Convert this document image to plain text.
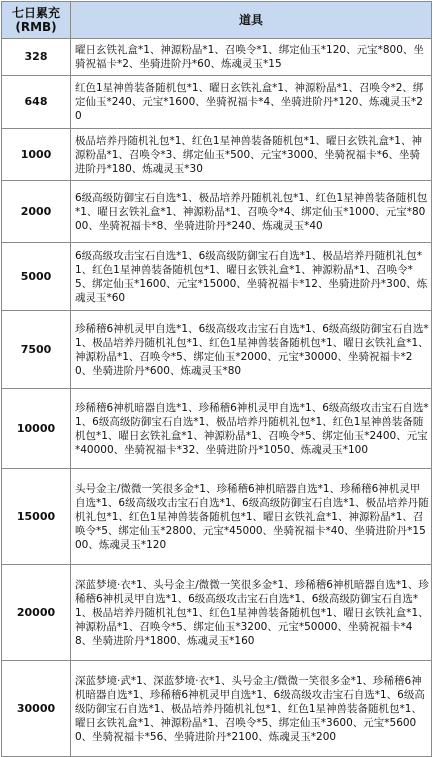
七日累充
(RMB)	道具
328	曜日玄铁礼盒*1、神源粉晶*1、召唤令*1、绑定仙玉*120、元宝*800、坐骑祝福卡*2、坐骑进阶丹*60、炼魂灵玉*15
648	红色1星神兽装备随机包*1、曜日玄铁礼盒*1、神源粉晶*1、召唤令*2、绑定仙玉*240、元宝*1600、坐骑祝福卡*4、坐骑进阶丹*120、炼魂灵玉*20
1000	极品培养丹随机礼包*1、红色1星神兽装备随机包*1、曜日玄铁礼盒*1、神源粉晶*1、召唤令*3、绑定仙玉*500、元宝*3000、坐骑祝福卡*6、坐骑进阶丹*180、炼魂灵玉*30
2000	6级高级防御宝石自选*1、极品培养丹随机礼包*1、红色1星神兽装备随机包*1、曜日玄铁礼盒*1、神源粉晶*1、召唤令*4、绑定仙玉*1000、元宝*8000、坐骑祝福卡*8、坐骑进阶丹*240、炼魂灵玉*40
5000	6级高级攻击宝石自选*1、6级高级防御宝石自选*1、极品培养丹随机礼包*1、红色1星神兽装备随机包*1、曜日玄铁礼盒*1、神源粉晶*1、召唤令*5、绑定仙玉*1600、元宝*15000、坐骑祝福卡*12、坐骑进阶丹*300、炼魂灵玉*60
7500	珍稀稽6神机灵甲自选*1、6级高级攻击宝石自选*1、6级高级防御宝石自选*1、极品培养丹随机礼包*1、红色1星神兽装备随机包*1、曜日玄铁礼盒*1、神源粉晶*1、召唤令*5、绑定仙玉*2000、元宝*30000、坐骑祝福卡*20、坐骑进阶丹*600、炼魂灵玉*80
10000	珍稀稽6神机暗器自选*1、珍稀稽6神机灵甲自选*1、6级高级攻击宝石自选*1、6级高级防御宝石自选*1、极品培养丹随机礼包*1、红色1星神兽装备随机包*1、曜日玄铁礼盒*1、神源粉晶*1、召唤令*5、绑定仙玉*2400、元宝*40000、坐骑祝福卡*32、坐骑进阶丹*1050、炼魂灵玉*100
15000	头号金主/微微一笑很多金*1、珍稀稽6神机暗器自选*1、珍稀稽6神机灵甲自选*1、6级高级攻击宝石自选*1、6级高级防御宝石自选*1、极品培养丹随机礼包*1、红色1星神兽装备随机包*1、曜日玄铁礼盒*1、神源粉晶*1、召唤令*5、绑定仙玉*2800、元宝*45000、坐骑祝福卡*40、坐骑进阶丹*1500、炼魂灵玉*120
20000	深蓝梦境·衣*1、头号金主/微微一笑很多金*1、珍稀稽6神机暗器自选*1、珍稀稽6神机灵甲自选*1、6级高级攻击宝石自选*1、6级高级防御宝石自选*1、极品培养丹随机礼包*1、红色1星神兽装备随机包*1、曜日玄铁礼盒*1、神源粉晶*1、召唤令*5、绑定仙玉*3200、元宝*50000、坐骑祝福卡*48、坐骑进阶丹*1800、炼魂灵玉*160
30000	深蓝梦境·武*1、深蓝梦境·衣*1、头号金主/微微一笑很多金*1、珍稀稽6神机暗器自选*1、珍稀稽6神机灵甲自选*1、6级高级攻击宝石自选*1、6级高级防御宝石自选*1、极品培养丹随机礼包*1、红色1星神兽装备随机包*1、曜日玄铁礼盒*1、神源粉晶*1、召唤令*5、绑定仙玉*3600、元宝*56000、坐骑祝福卡*56、坐骑进阶丹*2100、炼魂灵玉*200
